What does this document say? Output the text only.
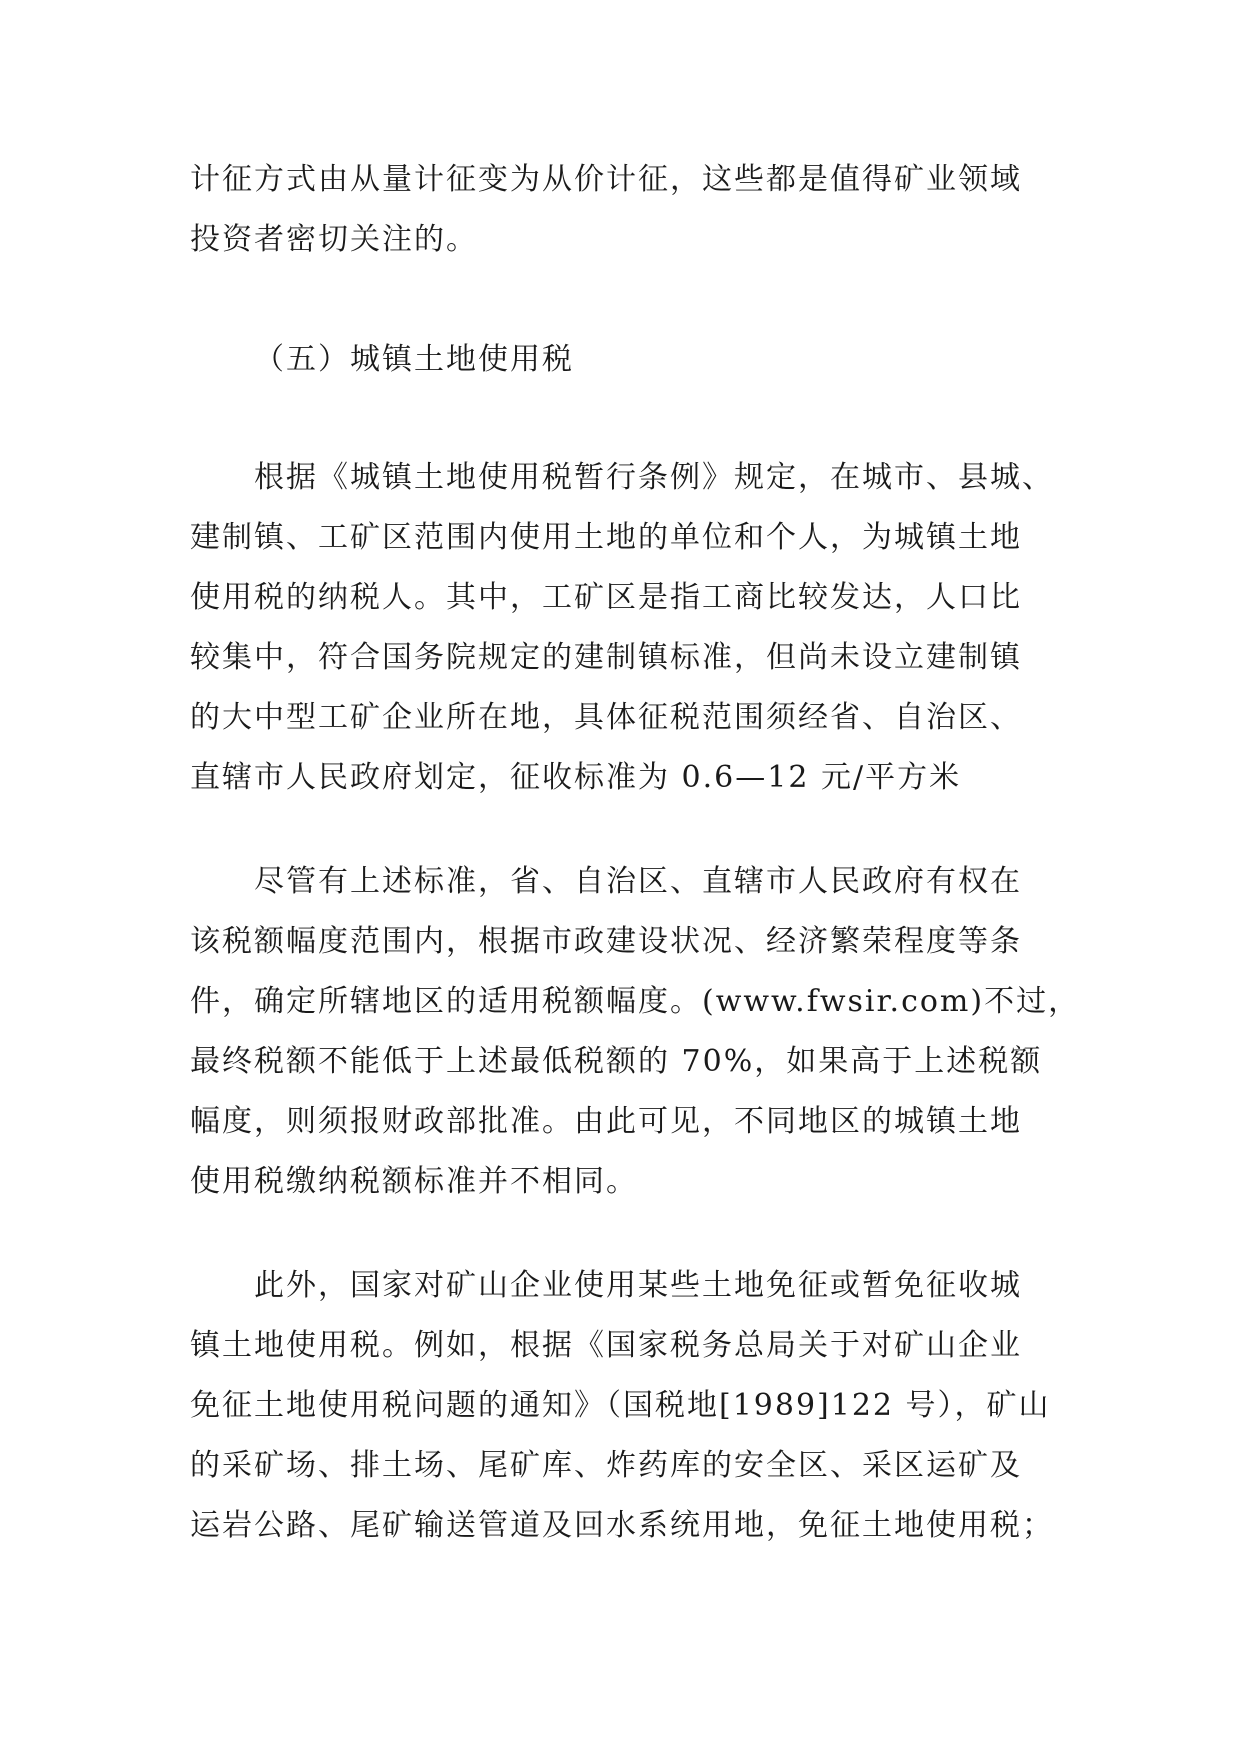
计征方式由从量计征变为从价计征，这些都是值得矿业领域
投资者密切关注的。
（五）城镇土地使用税
根据《城镇土地使用税暂行条例》规定，在城市、县城、
建制镇、工矿区范围内使用土地的单位和个人，为城镇土地
使用税的纳税人。其中，工矿区是指工商比较发达，人口比
较集中，符合国务院规定的建制镇标准，但尚未设立建制镇
的大中型工矿企业所在地，具体征税范围须经省、自治区、
直辖市人民政府划定，征收标准为 0.6—12 元/平方米
尽管有上述标准，省、自治区、直辖市人民政府有权在
该税额幅度范围内，根据市政建设状况、经济繁荣程度等条
件，确定所辖地区的适用税额幅度。(www.fwsir.com)不过，
最终税额不能低于上述最低税额的 70%，如果高于上述税额
幅度，则须报财政部批准。由此可见，不同地区的城镇土地
使用税缴纳税额标准并不相同。
此外，国家对矿山企业使用某些土地免征或暂免征收城
镇土地使用税。例如，根据《国家税务总局关于对矿山企业
免征土地使用税问题的通知》（国税地[1989]122 号），矿山
的采矿场、排土场、尾矿库、炸药库的安全区、采区运矿及
运岩公路、尾矿输送管道及回水系统用地，免征土地使用税；
